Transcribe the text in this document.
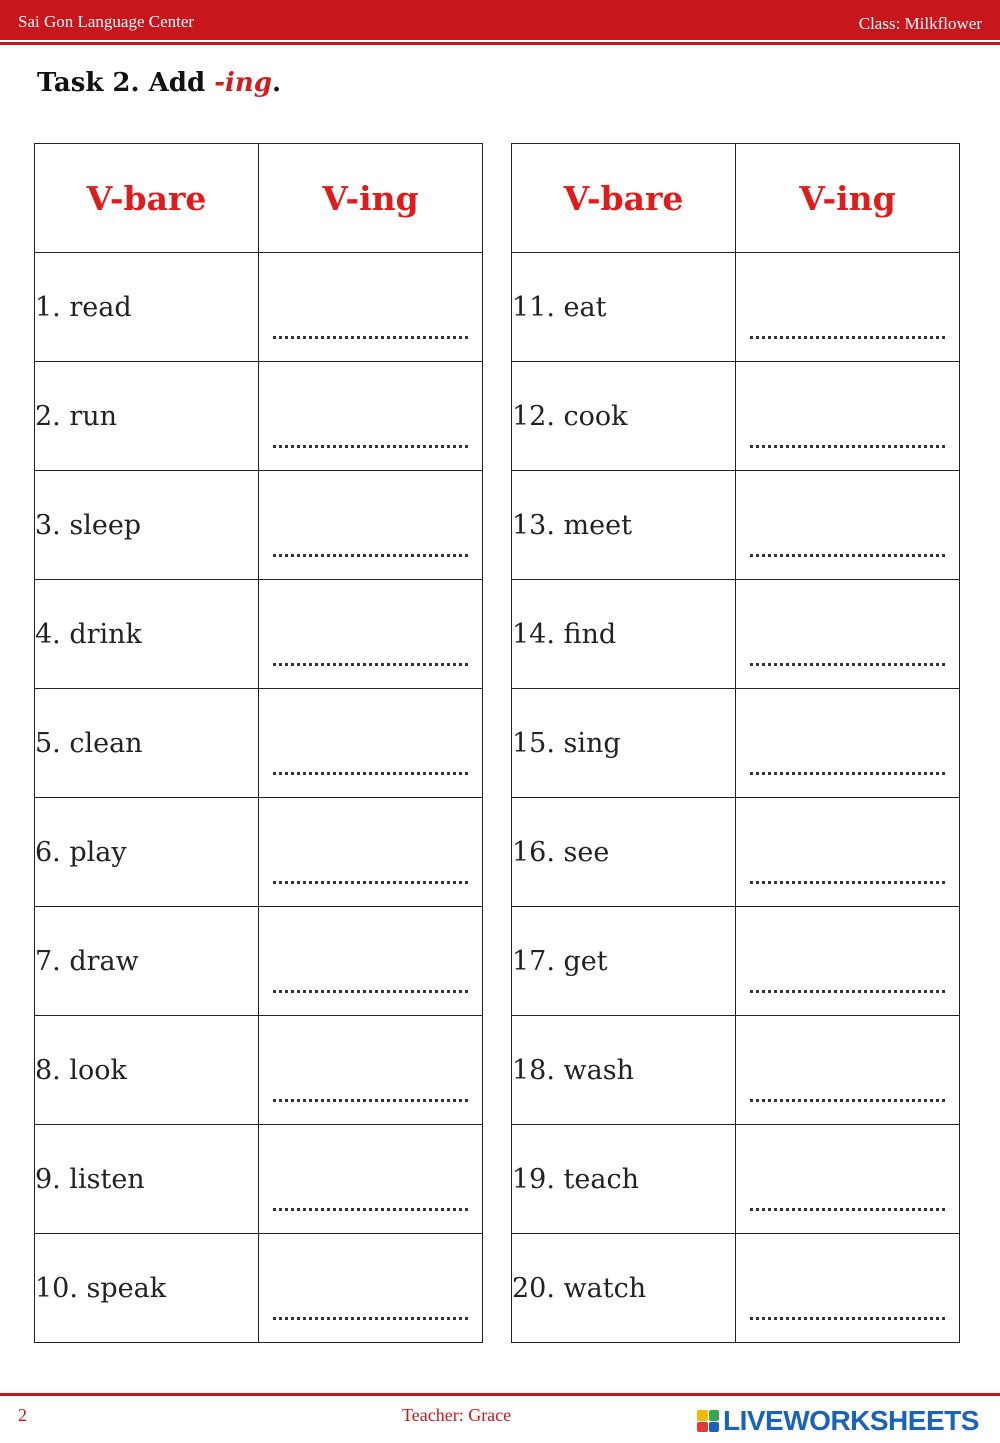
Sai Gon Language Center	Class: Milkflower
Task 2. Add -ing.
V-bare	V-ing
1. read	

2. run	

3. sleep	

4. drink	

5. clean	

6. play	

7. draw	

8. look	

9. listen	

10. speak	
V-bare	V-ing
11. eat	

12. cook	

13. meet	

14. find	

15. sing	

16. see	

17. get	

18. wash	

19. teach	

20. watch	
2	Teacher: Grace	LIVEWORKSHEETS
